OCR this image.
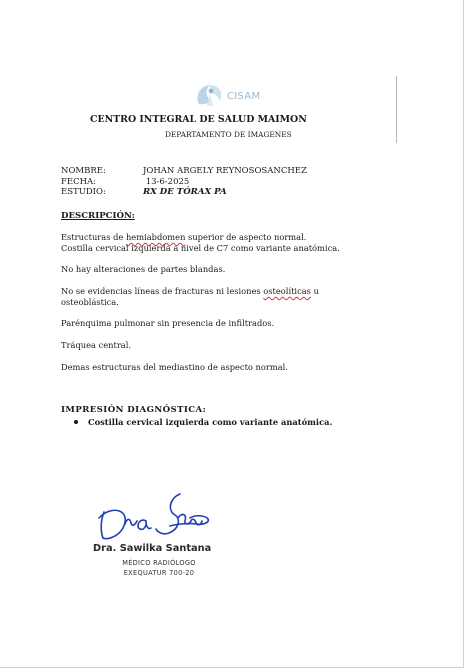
CISAM
CENTRO INTEGRAL DE SALUD MAIMON
DEPARTAMENTO DE IMAGENES
NOMBRE:	JOHAN ARGELY REYNOSOSANCHEZ
FECHA:	13-6-2025
ESTUDIO:	RX DE TÓRAX PA
DESCRIPCIÓN:
Estructuras de hemiabdomen superior de aspecto normal.
Costilla cervical izquierda a nivel de C7 como variante anatómica.
No hay alteraciones de partes blandas.
No se evidencias líneas de fracturas ni lesiones osteolíticas u
osteoblástica.
Parénquima pulmonar sin presencia de infiltrados.
Tráquea central.
Demas estructuras del mediastino de aspecto normal.
IMPRESIÓN DIAGNÓSTICA:
Costilla cervical izquierda como variante anatómica.
Dra. Sawilka Santana
MÉDICO RADIÓLOGO
EXEQUATUR 700-20
